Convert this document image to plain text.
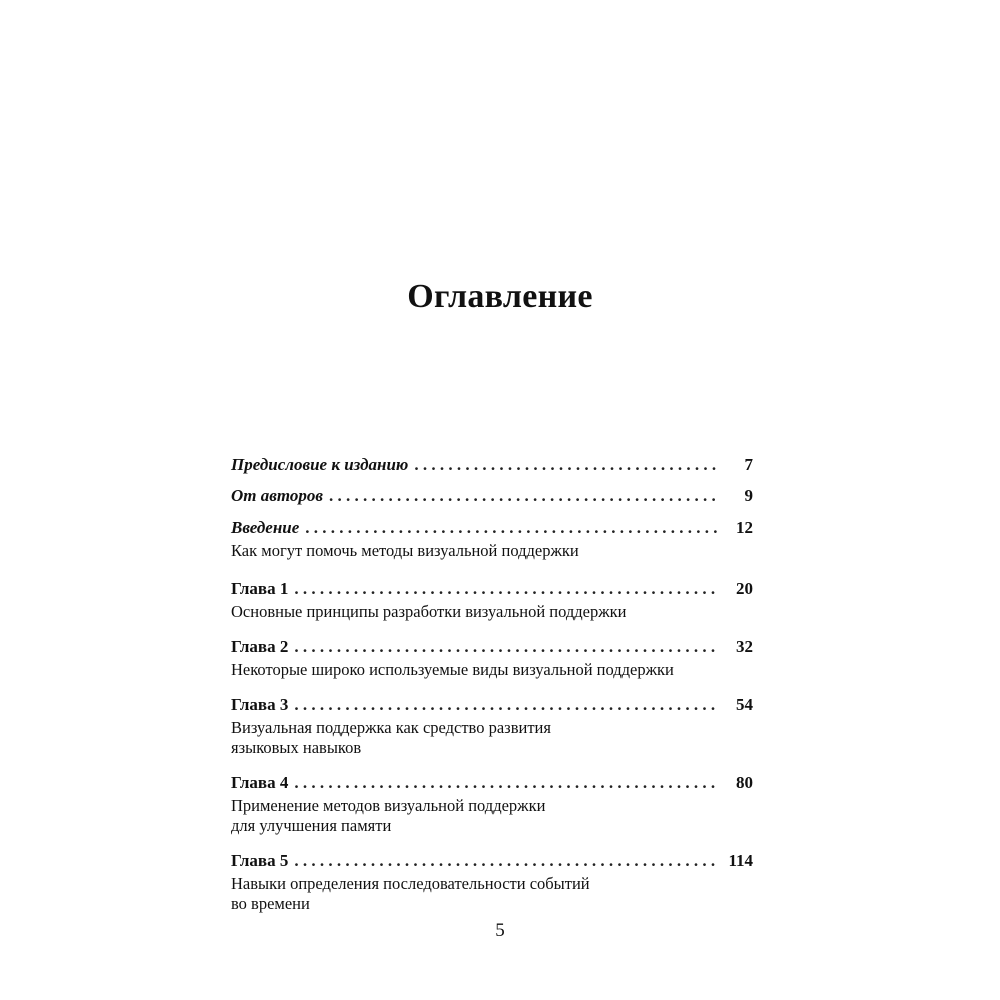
Оглавление
Предисловие к изданию . . .	7
От авторов . . .	9
Введение . . .	12
Как могут помочь методы визуальной поддержки
Глава 1 . . .	20
Основные принципы разработки визуальной поддержки
Глава 2 . . .	32
Некоторые широко используемые виды визуальной поддержки
Глава 3 . . .	54
Визуальная поддержка как средство развития
языковых навыков
Глава 4 . . .	80
Применение методов визуальной поддержки
для улучшения памяти
Глава 5 . . .	114
Навыки определения последовательности событий
во времени
5
